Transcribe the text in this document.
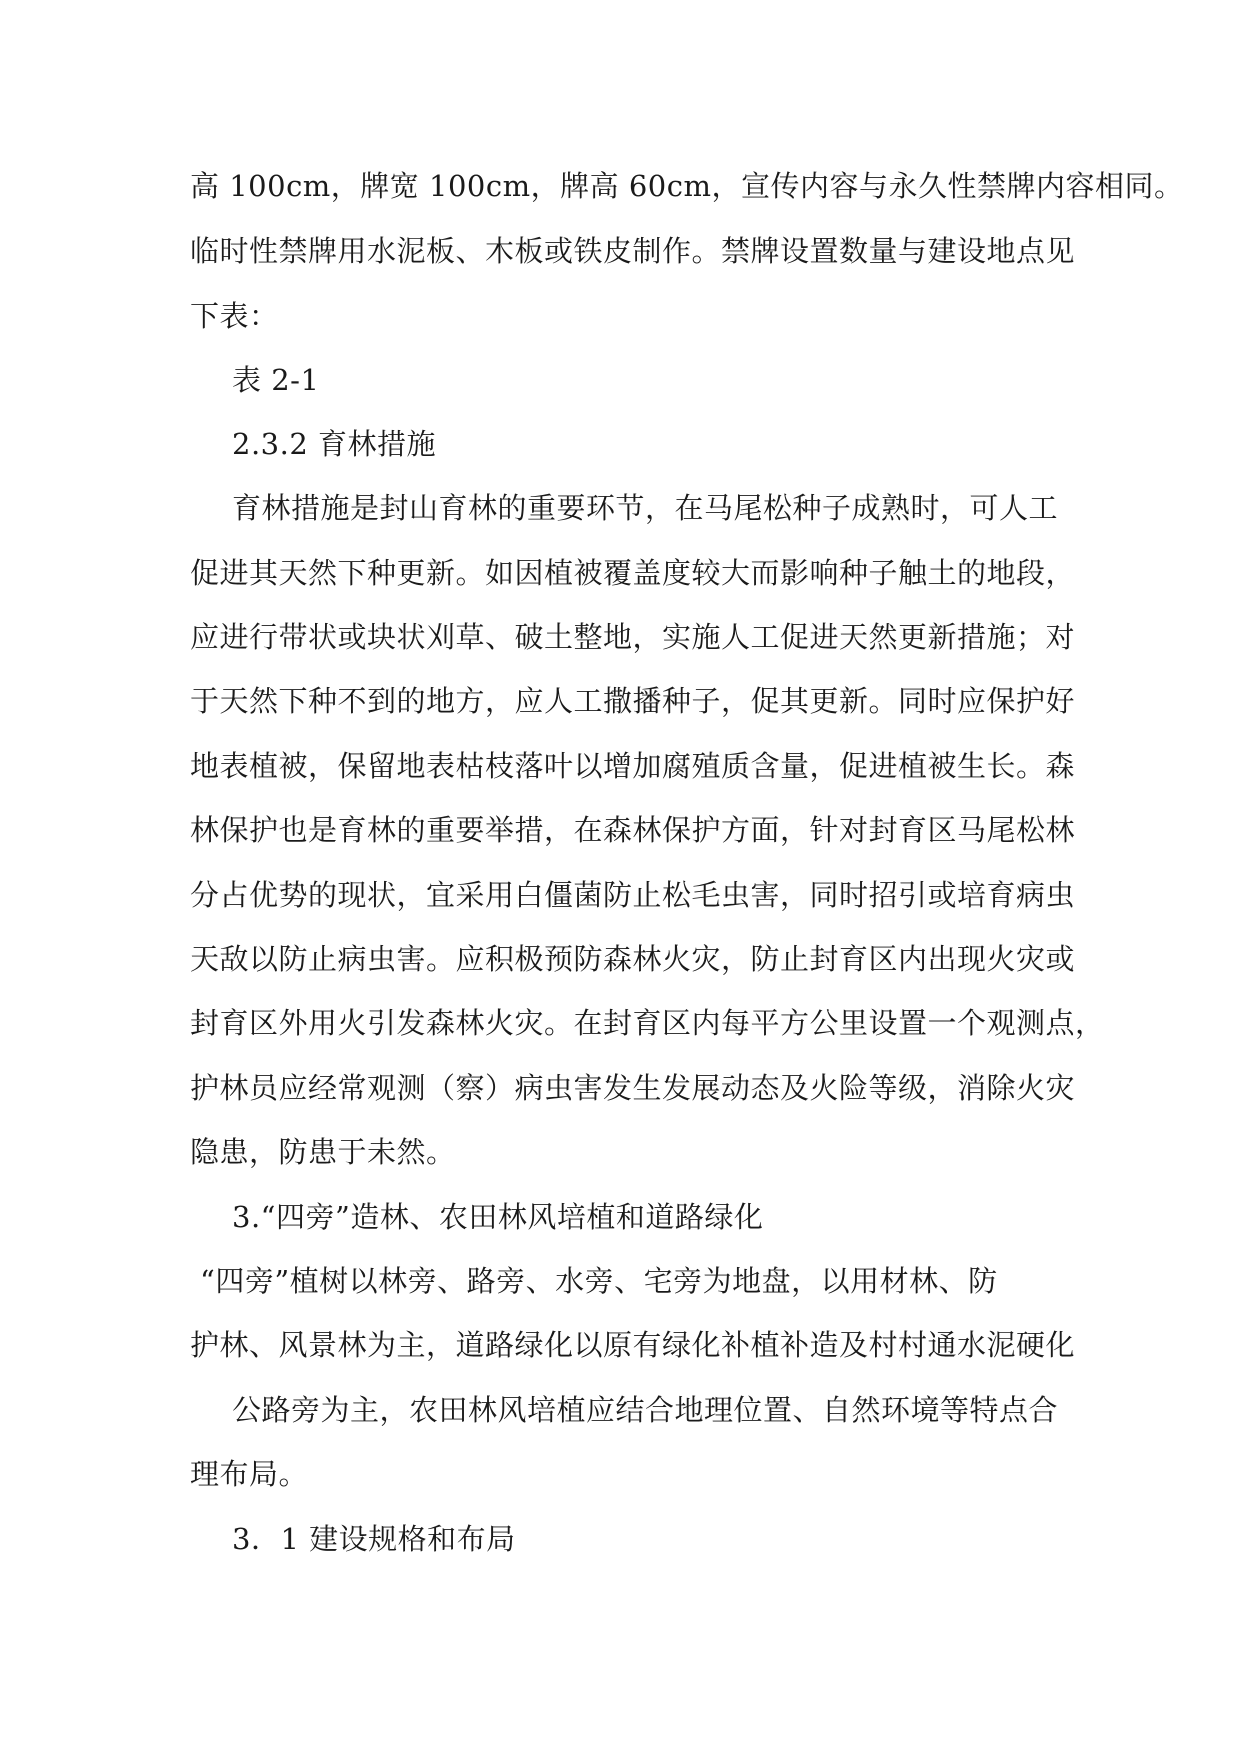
高 100cm，牌宽 100cm，牌高 60cm，宣传内容与永久性禁牌内容相同。
临时性禁牌用水泥板、木板或铁皮制作。禁牌设置数量与建设地点见
下表：
表 2-1
2.3.2 育林措施
育林措施是封山育林的重要环节，在马尾松种子成熟时，可人工
促进其天然下种更新。如因植被覆盖度较大而影响种子触土的地段，
应进行带状或块状刈草、破土整地，实施人工促进天然更新措施；对
于天然下种不到的地方，应人工撒播种子，促其更新。同时应保护好
地表植被，保留地表枯枝落叶以增加腐殖质含量，促进植被生长。森
林保护也是育林的重要举措，在森林保护方面，针对封育区马尾松林
分占优势的现状，宜采用白僵菌防止松毛虫害，同时招引或培育病虫
天敌以防止病虫害。应积极预防森林火灾，防止封育区内出现火灾或
封育区外用火引发森林火灾。在封育区内每平方公里设置一个观测点，
护林员应经常观测（察）病虫害发生发展动态及火险等级，消除火灾
隐患，防患于未然。
3.“四旁”造林、农田林风培植和道路绿化
“四旁”植树以林旁、路旁、水旁、宅旁为地盘，以用材林、防
护林、风景林为主，道路绿化以原有绿化补植补造及村村通水泥硬化
公路旁为主，农田林风培植应结合地理位置、自然环境等特点合
理布局。
3．1 建设规格和布局
